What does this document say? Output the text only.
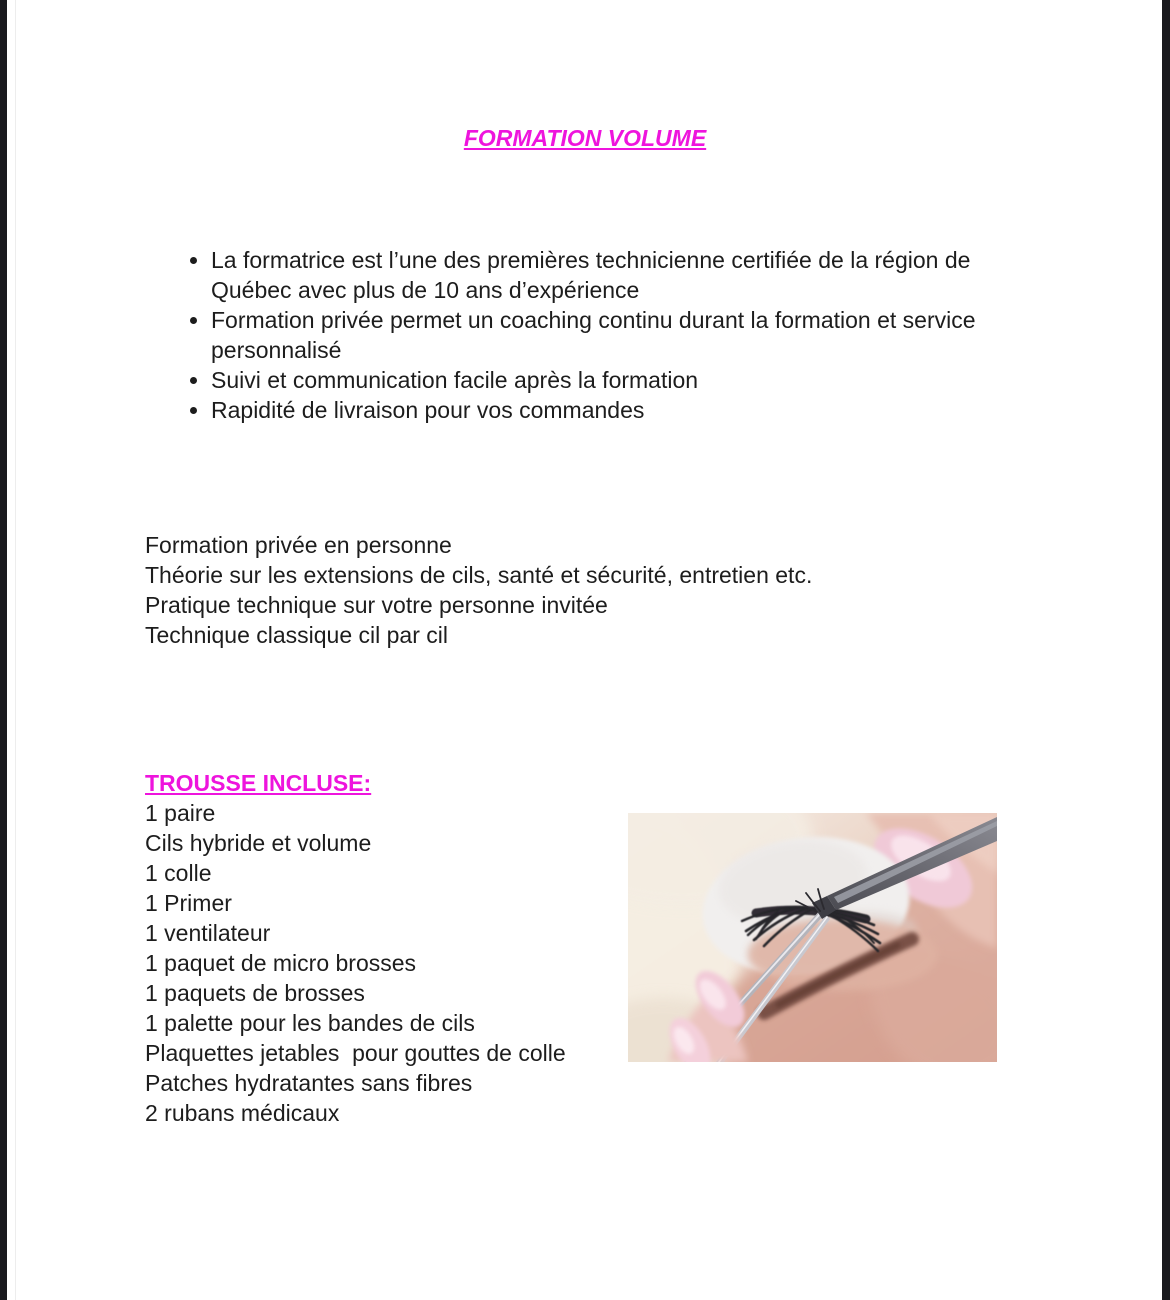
FORMATION VOLUME
• La formatrice est l’une des premières technicienne certifiée de la région de Québec avec plus de 10 ans d’expérience
• Formation privée permet un coaching continu durant la formation et service personnalisé
• Suivi et communication facile après la formation
• Rapidité de livraison pour vos commandes
Formation privée en personne
Théorie sur les extensions de cils, santé et sécurité, entretien etc.
Pratique technique sur votre personne invitée
Technique classique cil par cil
TROUSSE INCLUSE:
1 paire
Cils hybride et volume
1 colle
1 Primer
1 ventilateur
1 paquet de micro brosses
1 paquets de brosses
1 palette pour les bandes de cils
Plaquettes jetables  pour gouttes de colle
Patches hydratantes sans fibres
2 rubans médicaux
